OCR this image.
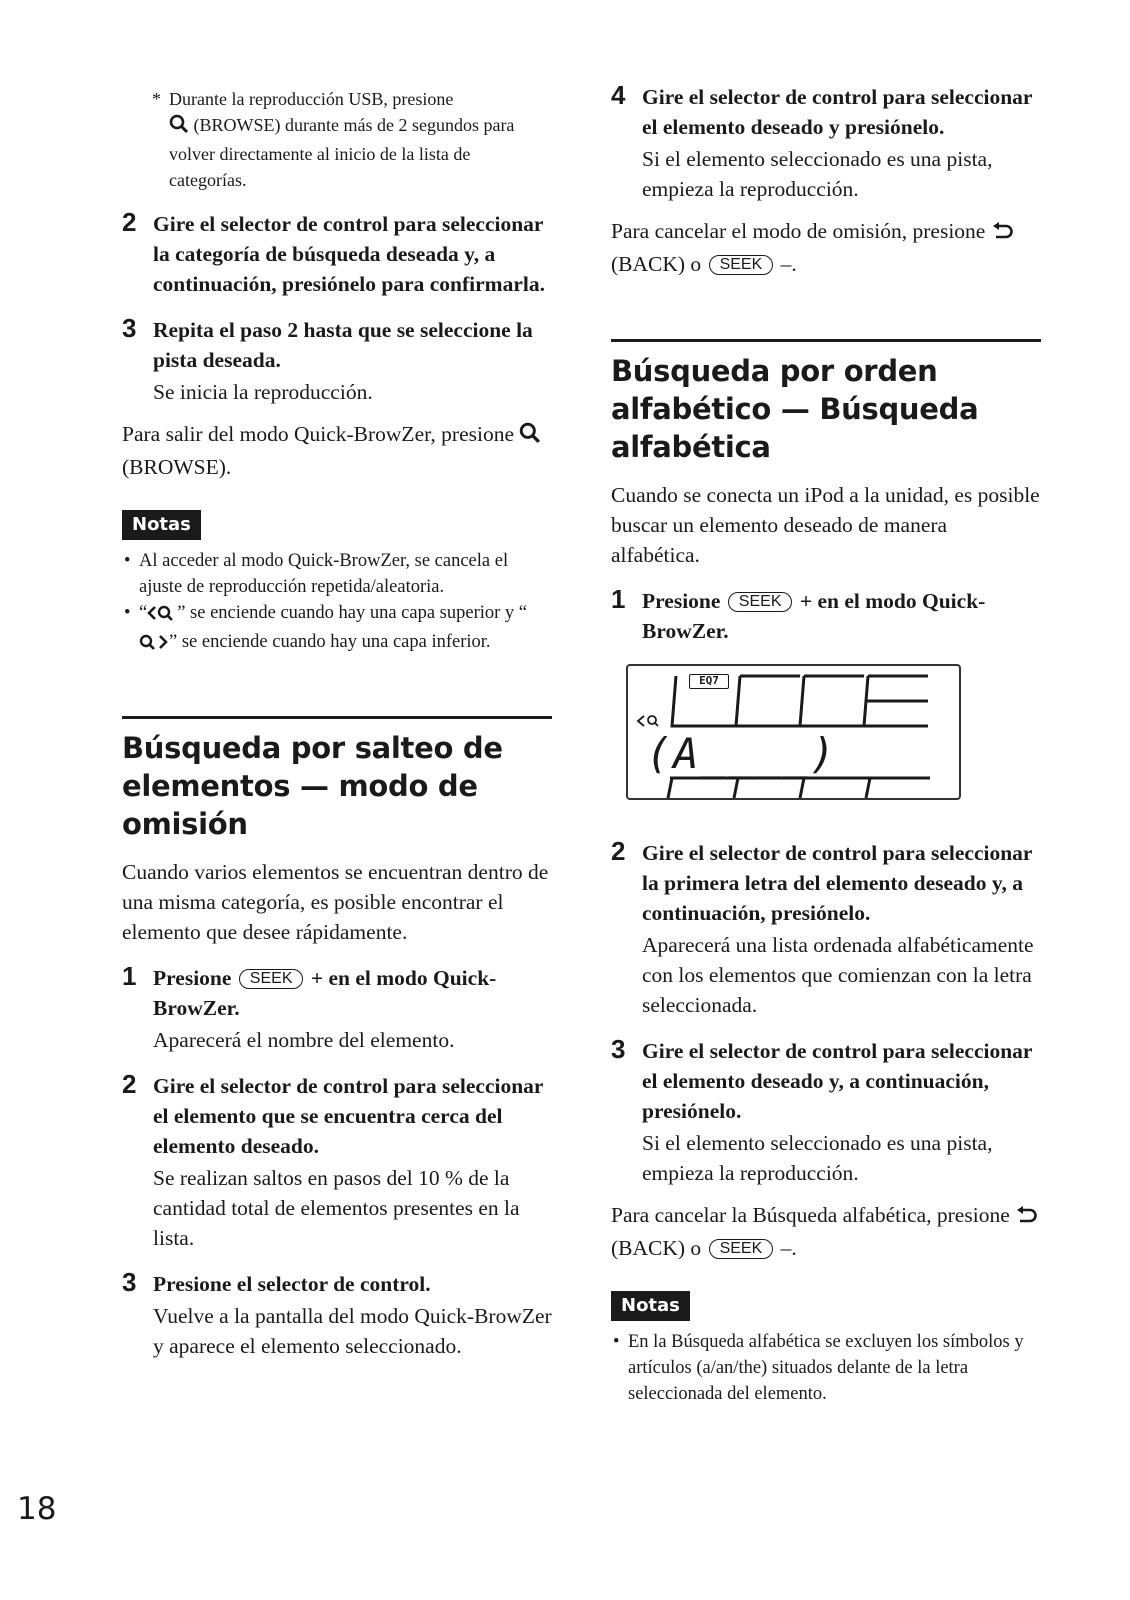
* Durante la reproducción USB, presione
(BROWSE) durante más de 2 segundos para volver directamente al inicio de la lista de categorías.
2 Gire el selector de control para seleccionar la categoría de búsqueda deseada y, a continuación, presiónelo para confirmarla.
3 Repita el paso 2 hasta que se seleccione la pista deseada.
Se inicia la reproducción.
Para salir del modo Quick-BrowZer, presione  (BROWSE).
Notas
• Al acceder al modo Quick-BrowZer, se cancela el ajuste de reproducción repetida/aleatoria.
• “ ” se enciende cuando hay una capa superior y “” se enciende cuando hay una capa inferior.
Búsqueda por salteo de elementos — modo de omisión

Cuando varios elementos se encuentran dentro de una misma categoría, es posible encontrar el elemento que desee rápidamente.

1 Presione SEEK + en el modo Quick-BrowZer.
Aparecerá el nombre del elemento.
2 Gire el selector de control para seleccionar el elemento que se encuentra cerca del elemento deseado.
Se realizan saltos en pasos del 10 % de la cantidad total de elementos presentes en la lista.
3 Presione el selector de control.
Vuelve a la pantalla del modo Quick-BrowZer y aparece el elemento seleccionado.
4 Gire el selector de control para seleccionar el elemento deseado y presiónelo.
Si el elemento seleccionado es una pista, empieza la reproducción.
Para cancelar el modo de omisión, presione  (BACK) o SEEK –.
Búsqueda por orden alfabético — Búsqueda alfabética

Cuando se conecta un iPod a la unidad, es posible buscar un elemento deseado de manera alfabética.

1 Presione SEEK + en el modo Quick-BrowZer.
EQ7
(A____)
2 Gire el selector de control para seleccionar la primera letra del elemento deseado y, a continuación, presiónelo.
Aparecerá una lista ordenada alfabéticamente con los elementos que comienzan con la letra seleccionada.
3 Gire el selector de control para seleccionar el elemento deseado y, a continuación, presiónelo.
Si el elemento seleccionado es una pista, empieza la reproducción.
Para cancelar la Búsqueda alfabética, presione  (BACK) o SEEK –.
Notas
• En la Búsqueda alfabética se excluyen los símbolos y artículos (a/an/the) situados delante de la letra seleccionada del elemento.
18
